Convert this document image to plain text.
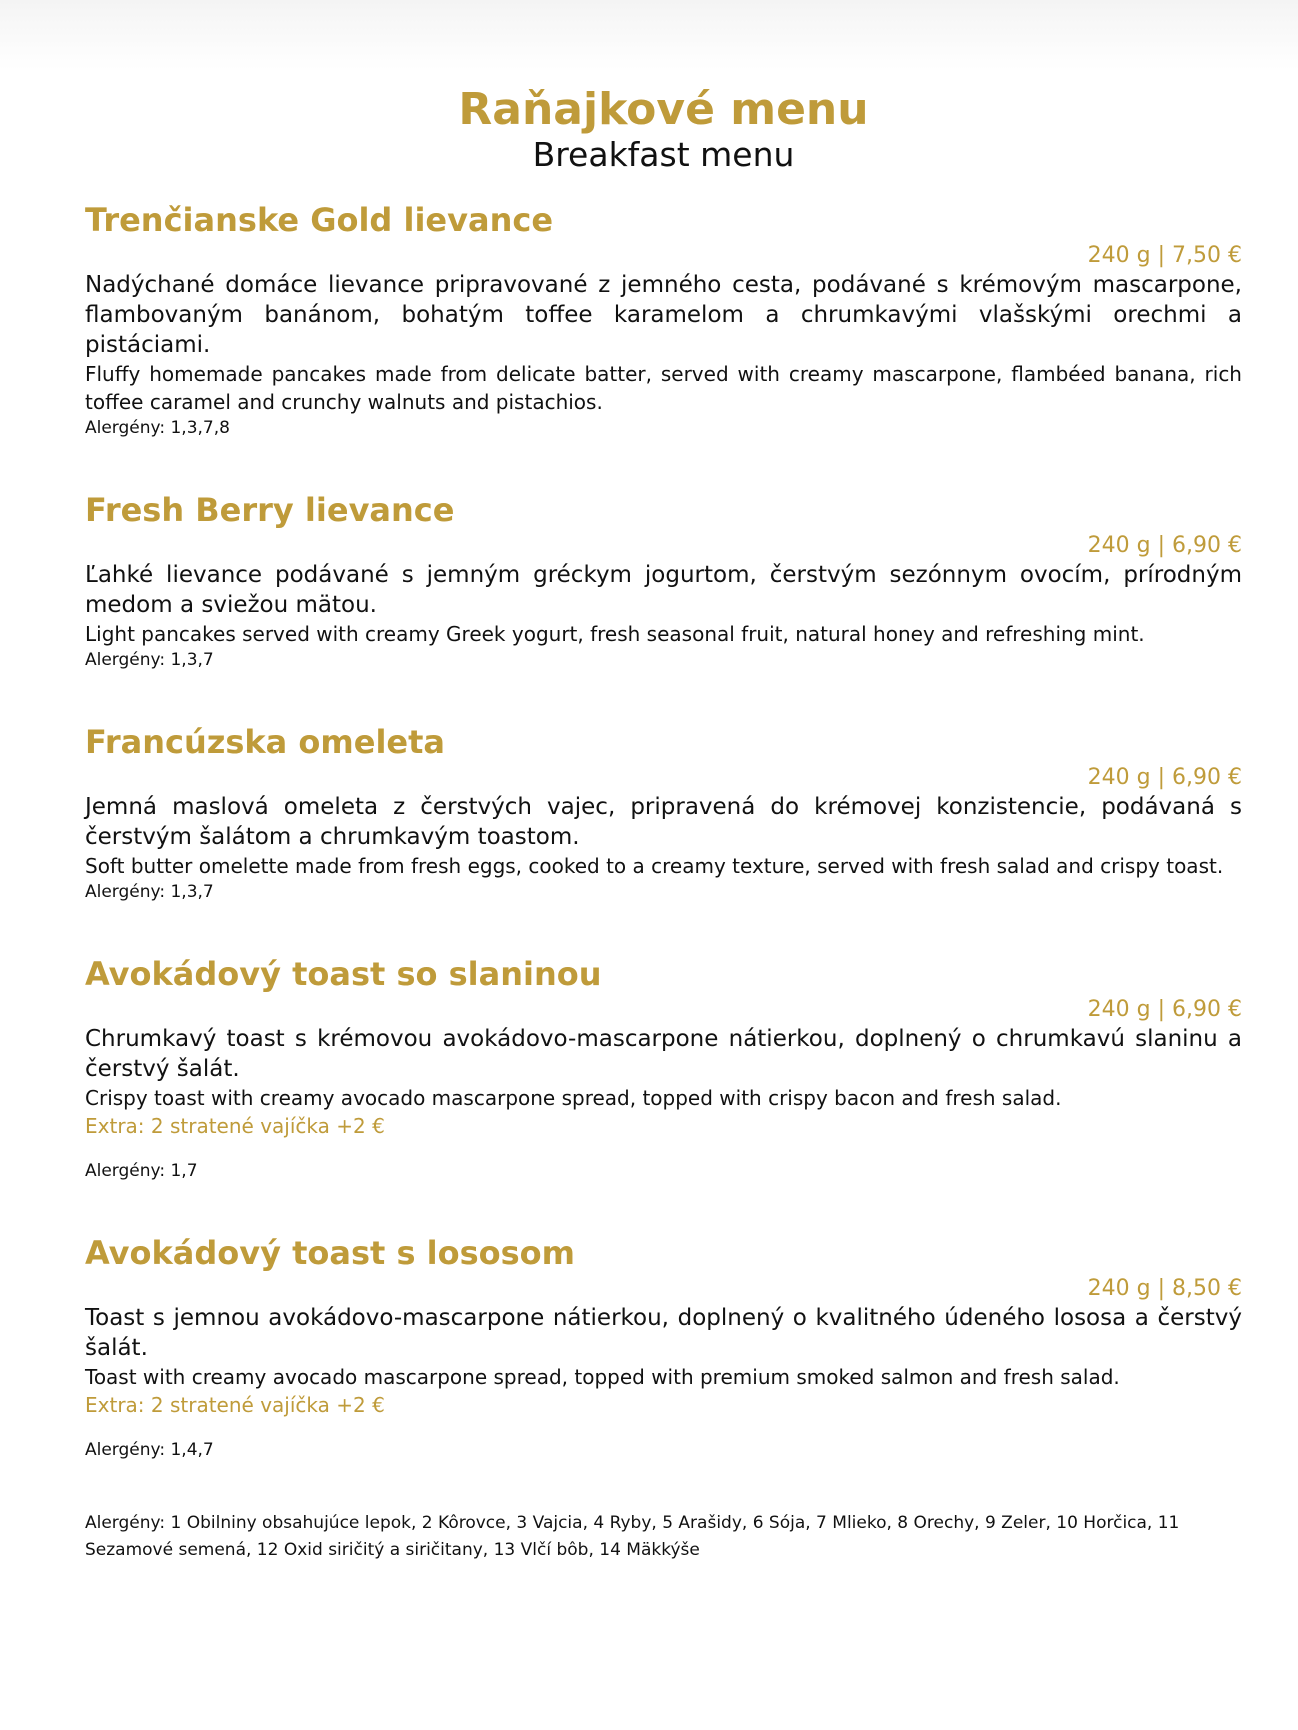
Raňajkové menu
Breakfast menu
Trenčianske Gold lievance
240 g | 7,50 €
Nadýchané domáce lievance pripravované z jemného cesta, podávané s krémovým mascarpone, flambovaným banánom, bohatým toffee karamelom a chrumkavými vlašskými orechmi a pistáciami.
Fluffy homemade pancakes made from delicate batter, served with creamy mascarpone, flambéed banana, rich toffee caramel and crunchy walnuts and pistachios.
Alergény: 1,3,7,8
Fresh Berry lievance
240 g | 6,90 €
Ľahké lievance podávané s jemným gréckym jogurtom, čerstvým sezónnym ovocím, prírodným medom a sviežou mätou.
Light pancakes served with creamy Greek yogurt, fresh seasonal fruit, natural honey and refreshing mint.
Alergény: 1,3,7
Francúzska omeleta
240 g | 6,90 €
Jemná maslová omeleta z čerstvých vajec, pripravená do krémovej konzistencie, podávaná s čerstvým šalátom a chrumkavým toastom.
Soft butter omelette made from fresh eggs, cooked to a creamy texture, served with fresh salad and crispy toast.
Alergény: 1,3,7
Avokádový toast so slaninou
240 g | 6,90 €
Chrumkavý toast s krémovou avokádovo-mascarpone nátierkou, doplnený o chrumkavú slaninu a čerstvý šalát.
Crispy toast with creamy avocado mascarpone spread, topped with crispy bacon and fresh salad.
Extra: 2 stratené vajíčka +2 €
Alergény: 1,7
Avokádový toast s lososom
240 g | 8,50 €
Toast s jemnou avokádovo-mascarpone nátierkou, doplnený o kvalitného údeného lososa a čerstvý šalát.
Toast with creamy avocado mascarpone spread, topped with premium smoked salmon and fresh salad.
Extra: 2 stratené vajíčka +2 €
Alergény: 1,4,7
Alergény: 1 Obilniny obsahujúce lepok, 2 Kôrovce, 3 Vajcia, 4 Ryby, 5 Arašidy, 6 Sója, 7 Mlieko, 8 Orechy, 9 Zeler, 10 Horčica, 11 Sezamové semená, 12 Oxid siričitý a siričitany, 13 Vlčí bôb, 14 Mäkkýše
